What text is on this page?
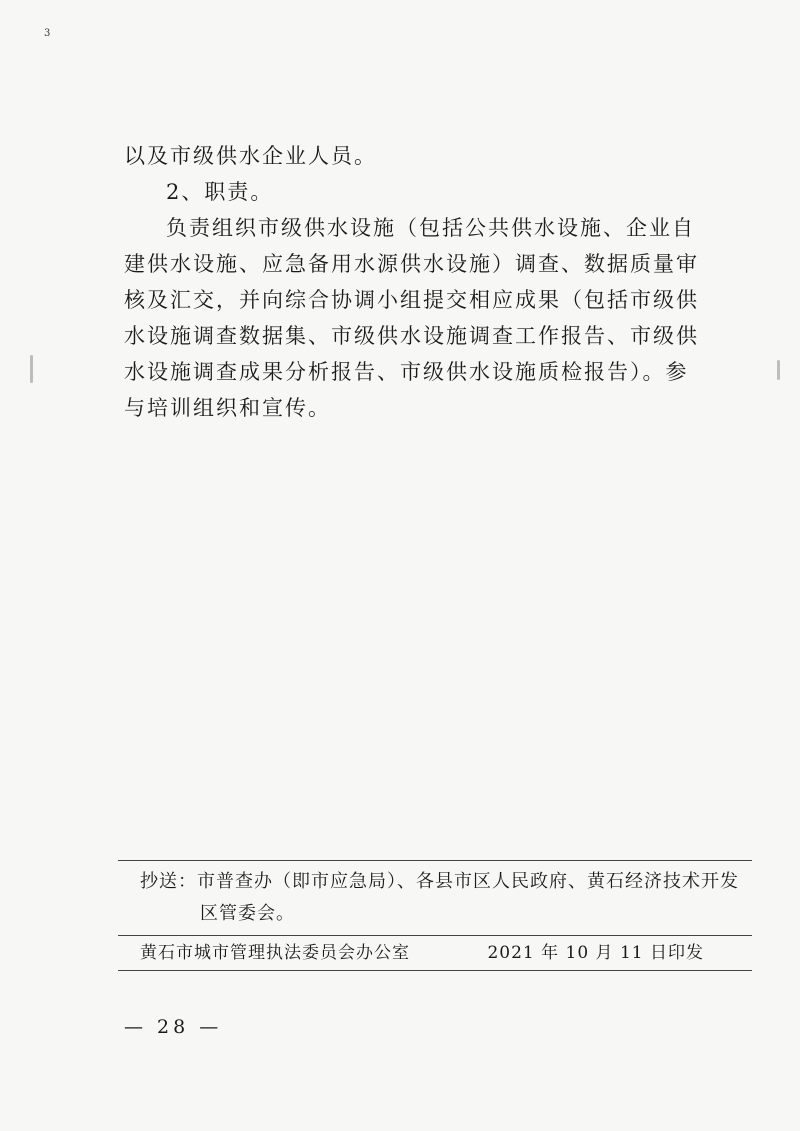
3

以及市级供水企业人员。

2、职责。

负责组织市级供水设施（包括公共供水设施、企业自建供水设施、应急备用水源供水设施）调查、数据质量审核及汇交，并向综合协调小组提交相应成果（包括市级供水设施调查数据集、市级供水设施调查工作报告、市级供水设施调查成果分析报告、市级供水设施质检报告）。参与培训组织和宣传。

抄送： 市普查办（即市应急局）、各县市区人民政府、黄石经济技术开发
区管委会。
黄石市城市管理执法委员会办公室	2021 年 10 月 11 日印发
— 28 —
